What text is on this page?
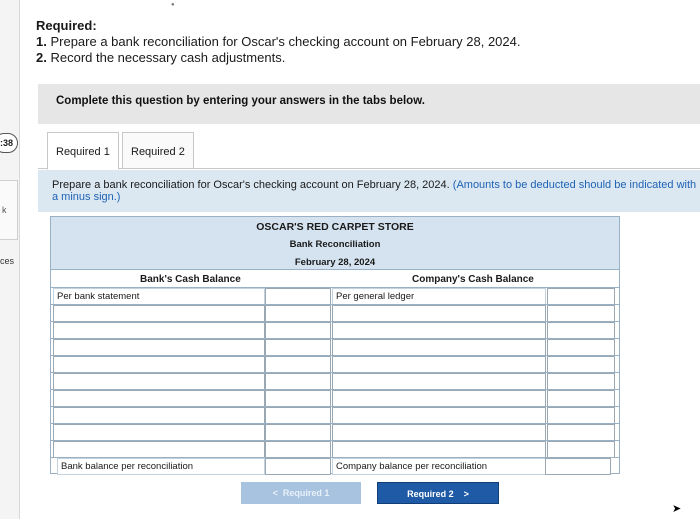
:38
k
ces
●
Required:
1. Prepare a bank reconciliation for Oscar's checking account on February 28, 2024.
2. Record the necessary cash adjustments.
Complete this question by entering your answers in the tabs below.
Required 1	Required 2
Prepare a bank reconciliation for Oscar's checking account on February 28, 2024. (Amounts to be deducted should be indicated with a minus sign.)
OSCAR'S RED CARPET STORE
Bank Reconciliation
February 28, 2024
Bank's Cash Balance	Company's Cash Balance
Per bank statement	Per general ledger
Bank balance per reconciliation	Company balance per reconciliation
< Required 1	Required 2 >
➤
